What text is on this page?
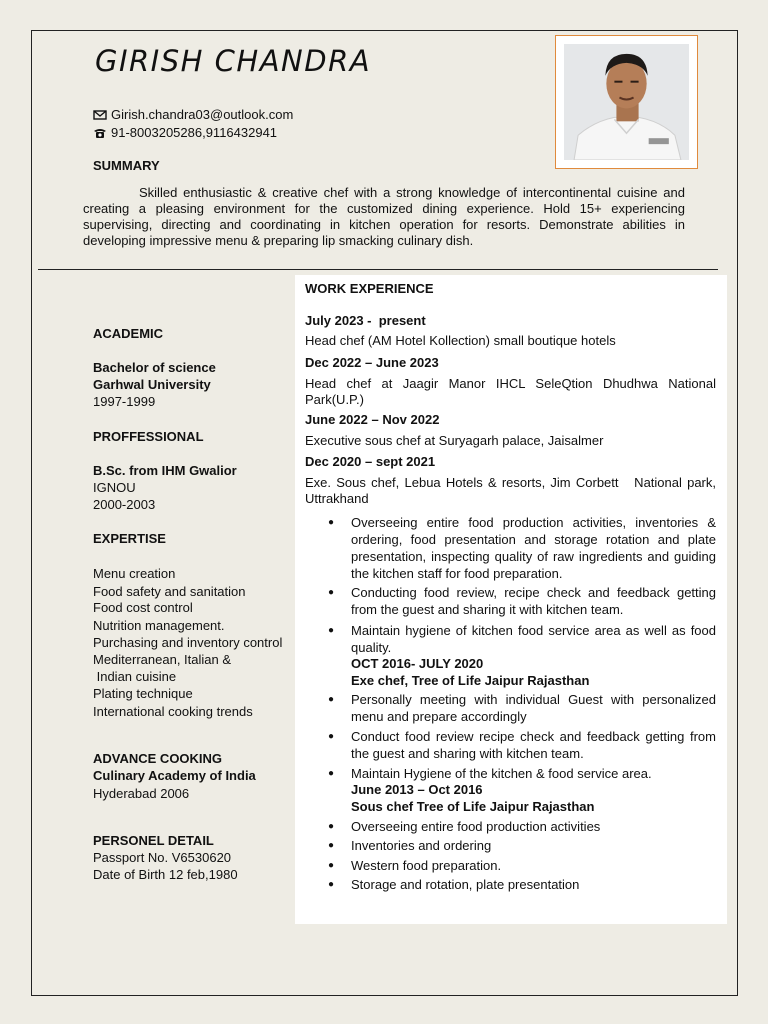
GIRISH CHANDRA
Girish.chandra03@outlook.com
91-8003205286,9116432941
SUMMARY
Skilled enthusiastic & creative chef with a strong knowledge of intercontinental cuisine and creating a pleasing environment for the customized dining experience. Hold 15+ experiencing supervising, directing and coordinating in kitchen operation for resorts. Demonstrate abilities in developing impressive menu & preparing lip smacking culinary dish.
ACADEMIC
Bachelor of science
Garhwal University
1997-1999
PROFFESSIONAL
B.Sc. from IHM Gwalior
IGNOU
2000-2003
EXPERTISE
Menu creation
Food safety and sanitation
Food cost control
Nutrition management.
Purchasing and inventory control
Mediterranean, Italian &
Indian cuisine
Plating technique
International cooking trends
ADVANCE COOKING
Culinary Academy of India
Hyderabad 2006
PERSONEL DETAIL
Passport No. V6530620
Date of Birth 12 feb,1980
WORK EXPERIENCE
July 2023 -  present
Head chef (AM Hotel Kollection) small boutique hotels
Dec 2022 – June 2023
Head chef at Jaagir Manor IHCL SeleQtion Dhudhwa National Park(U.P.)
June 2022 – Nov 2022
Executive sous chef at Suryagarh palace, Jaisalmer
Dec 2020 – sept 2021
Exe. Sous chef, Lebua Hotels & resorts, Jim Corbett   National park, Uttrakhand
● Overseeing entire food production activities, inventories & ordering, food presentation and storage rotation and plate presentation, inspecting quality of raw ingredients and guiding the kitchen staff for food preparation.
● Conducting food review, recipe check and feedback getting from the guest and sharing it with kitchen team.
● Maintain hygiene of kitchen food service area as well as food quality.
OCT 2016- JULY 2020
Exe chef, Tree of Life Jaipur Rajasthan
● Personally meeting with individual Guest with personalized menu and prepare accordingly
● Conduct food review recipe check and feedback getting from the guest and sharing with kitchen team.
● Maintain Hygiene of the kitchen & food service area.
June 2013 – Oct 2016
Sous chef Tree of Life Jaipur Rajasthan
● Overseeing entire food production activities
● Inventories and ordering
● Western food preparation.
● Storage and rotation, plate presentation
